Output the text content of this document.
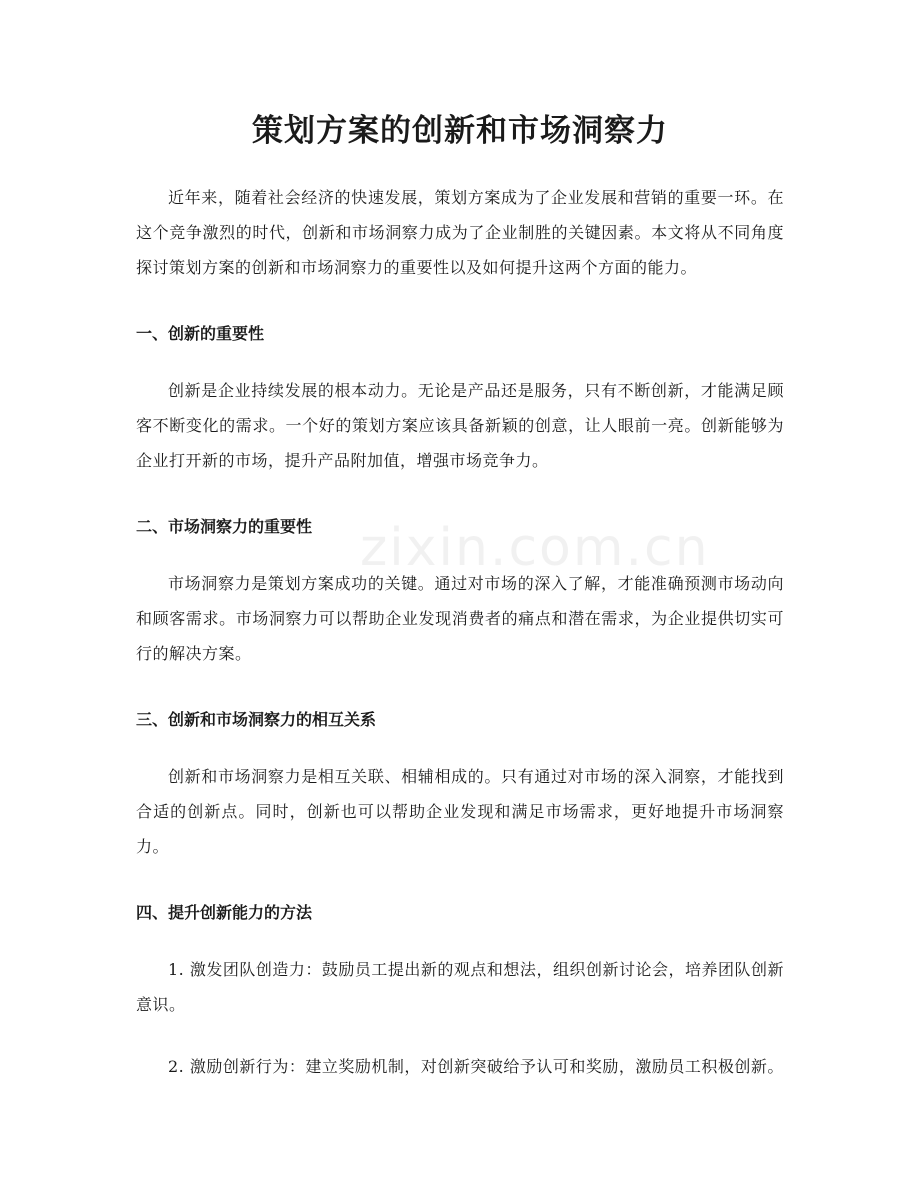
策划方案的创新和市场洞察力

近年来，随着社会经济的快速发展，策划方案成为了企业发展和营销的重要一环。在这个竞争激烈的时代，创新和市场洞察力成为了企业制胜的关键因素。本文将从不同角度探讨策划方案的创新和市场洞察力的重要性以及如何提升这两个方面的能力。

一、创新的重要性

创新是企业持续发展的根本动力。无论是产品还是服务，只有不断创新，才能满足顾客不断变化的需求。一个好的策划方案应该具备新颖的创意，让人眼前一亮。创新能够为企业打开新的市场，提升产品附加值，增强市场竞争力。

二、市场洞察力的重要性

市场洞察力是策划方案成功的关键。通过对市场的深入了解，才能准确预测市场动向和顾客需求。市场洞察力可以帮助企业发现消费者的痛点和潜在需求，为企业提供切实可行的解决方案。

三、创新和市场洞察力的相互关系

创新和市场洞察力是相互关联、相辅相成的。只有通过对市场的深入洞察，才能找到合适的创新点。同时，创新也可以帮助企业发现和满足市场需求，更好地提升市场洞察力。

四、提升创新能力的方法

1. 激发团队创造力：鼓励员工提出新的观点和想法，组织创新讨论会，培养团队创新意识。

2. 激励创新行为：建立奖励机制，对创新突破给予认可和奖励，激励员工积极创新。

zixin.com.cn
